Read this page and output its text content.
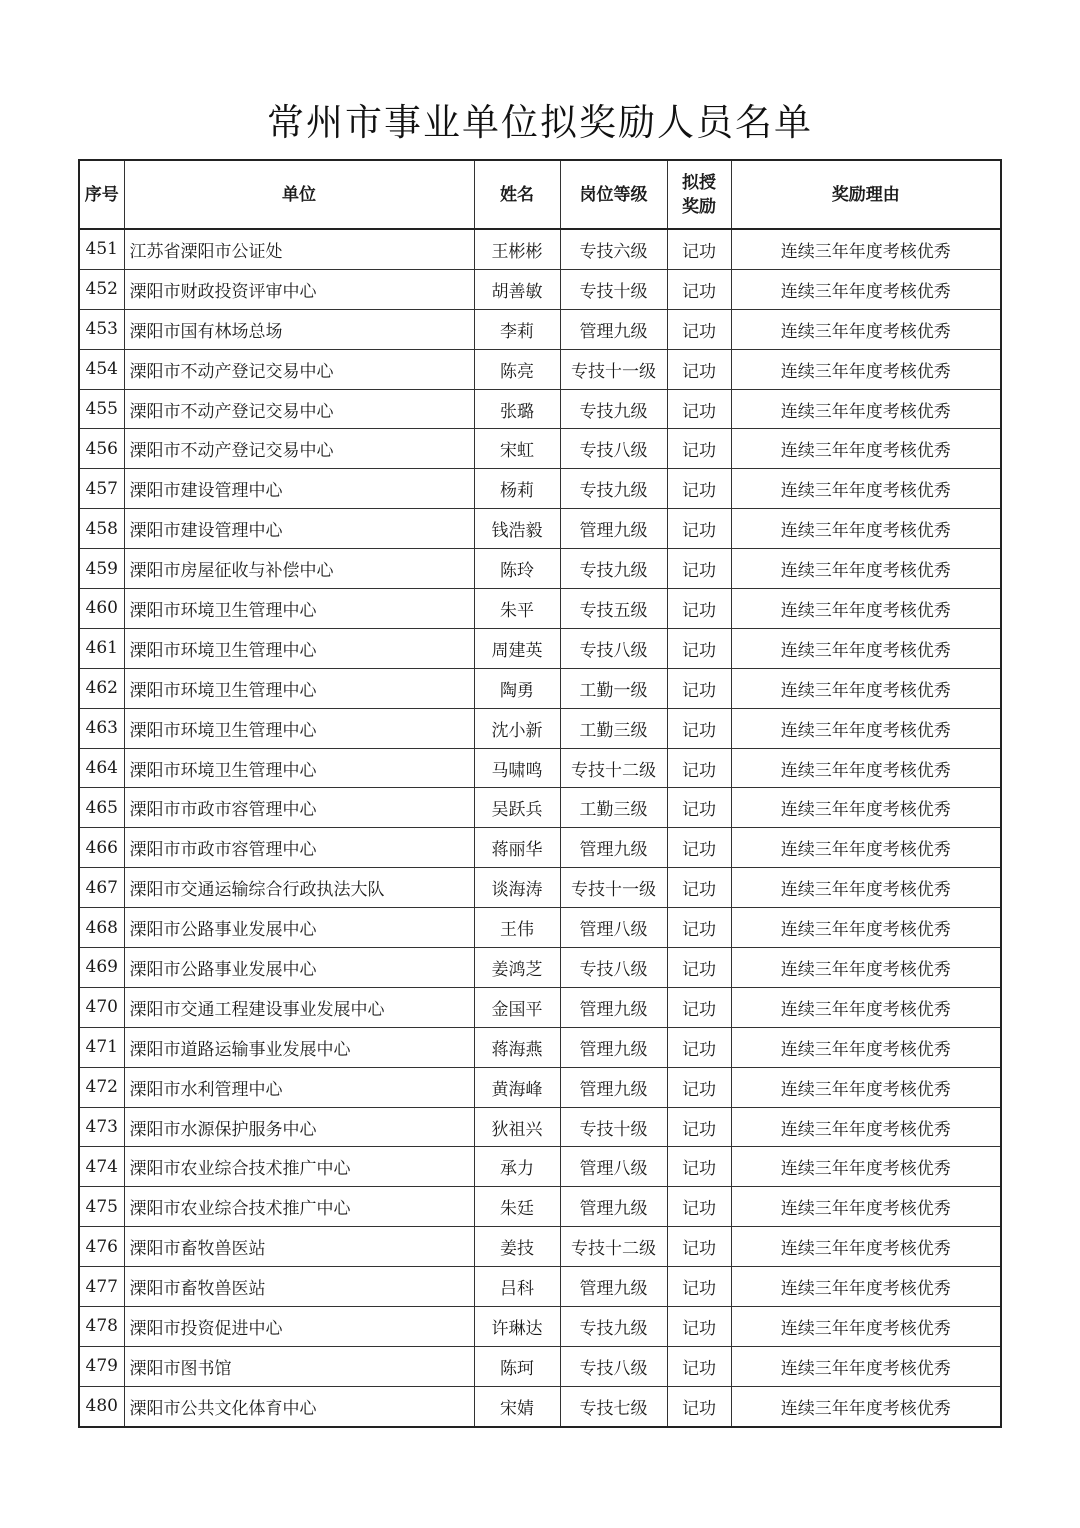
常州市事业单位拟奖励人员名单
序号	单位	姓名	岗位等级	拟授奖励	奖励理由
451	江苏省溧阳市公证处	王彬彬	专技六级	记功	连续三年年度考核优秀
452	溧阳市财政投资评审中心	胡善敏	专技十级	记功	连续三年年度考核优秀
453	溧阳市国有林场总场	李莉	管理九级	记功	连续三年年度考核优秀
454	溧阳市不动产登记交易中心	陈亮	专技十一级	记功	连续三年年度考核优秀
455	溧阳市不动产登记交易中心	张璐	专技九级	记功	连续三年年度考核优秀
456	溧阳市不动产登记交易中心	宋虹	专技八级	记功	连续三年年度考核优秀
457	溧阳市建设管理中心	杨莉	专技九级	记功	连续三年年度考核优秀
458	溧阳市建设管理中心	钱浩毅	管理九级	记功	连续三年年度考核优秀
459	溧阳市房屋征收与补偿中心	陈玲	专技九级	记功	连续三年年度考核优秀
460	溧阳市环境卫生管理中心	朱平	专技五级	记功	连续三年年度考核优秀
461	溧阳市环境卫生管理中心	周建英	专技八级	记功	连续三年年度考核优秀
462	溧阳市环境卫生管理中心	陶勇	工勤一级	记功	连续三年年度考核优秀
463	溧阳市环境卫生管理中心	沈小新	工勤三级	记功	连续三年年度考核优秀
464	溧阳市环境卫生管理中心	马啸鸣	专技十二级	记功	连续三年年度考核优秀
465	溧阳市市政市容管理中心	吴跃兵	工勤三级	记功	连续三年年度考核优秀
466	溧阳市市政市容管理中心	蒋丽华	管理九级	记功	连续三年年度考核优秀
467	溧阳市交通运输综合行政执法大队	谈海涛	专技十一级	记功	连续三年年度考核优秀
468	溧阳市公路事业发展中心	王伟	管理八级	记功	连续三年年度考核优秀
469	溧阳市公路事业发展中心	姜鸿芝	专技八级	记功	连续三年年度考核优秀
470	溧阳市交通工程建设事业发展中心	金国平	管理九级	记功	连续三年年度考核优秀
471	溧阳市道路运输事业发展中心	蒋海燕	管理九级	记功	连续三年年度考核优秀
472	溧阳市水利管理中心	黄海峰	管理九级	记功	连续三年年度考核优秀
473	溧阳市水源保护服务中心	狄祖兴	专技十级	记功	连续三年年度考核优秀
474	溧阳市农业综合技术推广中心	承力	管理八级	记功	连续三年年度考核优秀
475	溧阳市农业综合技术推广中心	朱廷	管理九级	记功	连续三年年度考核优秀
476	溧阳市畜牧兽医站	姜技	专技十二级	记功	连续三年年度考核优秀
477	溧阳市畜牧兽医站	吕科	管理九级	记功	连续三年年度考核优秀
478	溧阳市投资促进中心	许琳达	专技九级	记功	连续三年年度考核优秀
479	溧阳市图书馆	陈珂	专技八级	记功	连续三年年度考核优秀
480	溧阳市公共文化体育中心	宋婧	专技七级	记功	连续三年年度考核优秀
